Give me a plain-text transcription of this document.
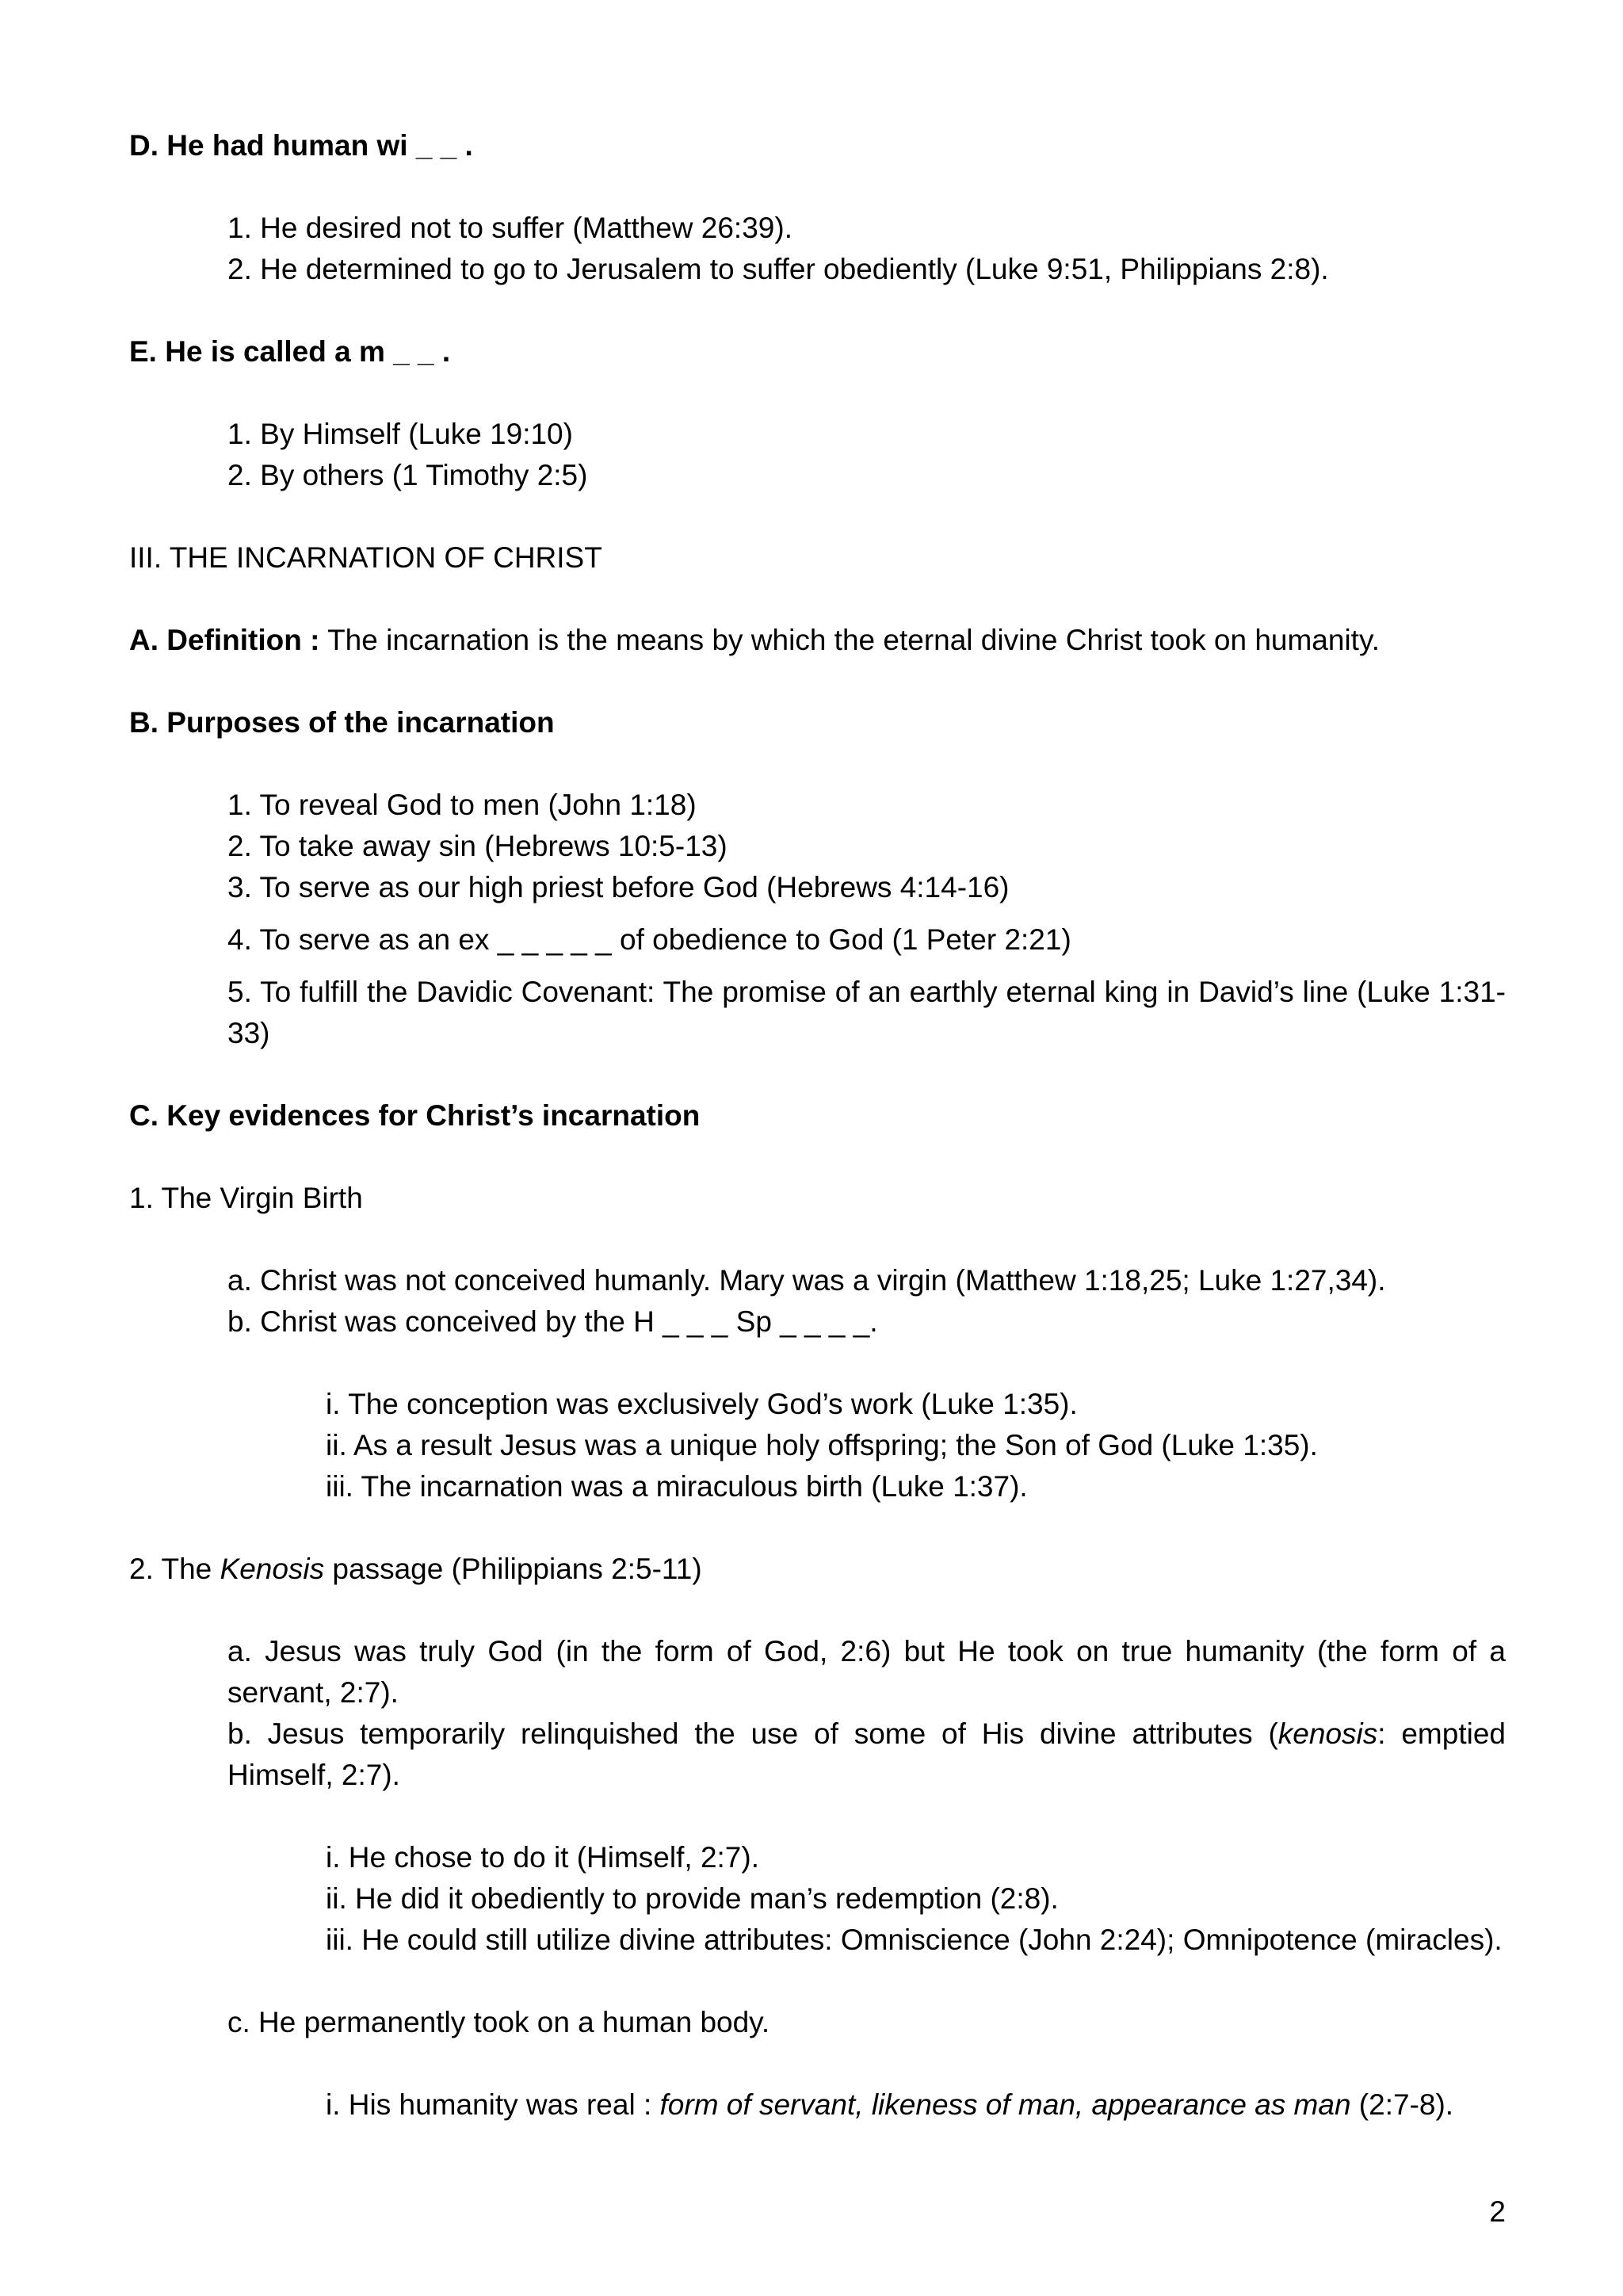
D. He had human wi _ _ .

1. He desired not to suffer (Matthew 26:39).

2. He determined to go to Jerusalem to suffer obediently (Luke 9:51, Philippians 2:8).

E. He is called a m _ _ .

1. By Himself (Luke 19:10)

2. By others (1 Timothy 2:5)

III. THE INCARNATION OF CHRIST

A. Definition : The incarnation is the means by which the eternal divine Christ took on humanity.

B. Purposes of the incarnation

1. To reveal God to men (John 1:18)

2. To take away sin (Hebrews 10:5-13)

3. To serve as our high priest before God (Hebrews 4:14-16)

4. To serve as an ex _ _ _ _ _ of obedience to God (1 Peter 2:21)

5. To fulfill the Davidic Covenant: The promise of an earthly eternal king in David’s line (Luke 1:31-33)

C. Key evidences for Christ’s incarnation

1. The Virgin Birth

a. Christ was not conceived humanly. Mary was a virgin (Matthew 1:18,25; Luke 1:27,34).

b. Christ was conceived by the H _ _ _ Sp _ _ _ _.

i. The conception was exclusively God’s work (Luke 1:35).

ii. As a result Jesus was a unique holy offspring; the Son of God (Luke 1:35).

iii. The incarnation was a miraculous birth (Luke 1:37).

2. The Kenosis passage (Philippians 2:5-11)

a. Jesus was truly God (in the form of God, 2:6) but He took on true humanity (the form of a servant, 2:7).

b. Jesus temporarily relinquished the use of some of His divine attributes (kenosis: emptied Himself, 2:7).

i. He chose to do it (Himself, 2:7).

ii. He did it obediently to provide man’s redemption (2:8).

iii. He could still utilize divine attributes: Omniscience (John 2:24); Omnipotence (miracles).

c. He permanently took on a human body.

i. His humanity was real : form of servant, likeness of man, appearance as man (2:7-8).

2
